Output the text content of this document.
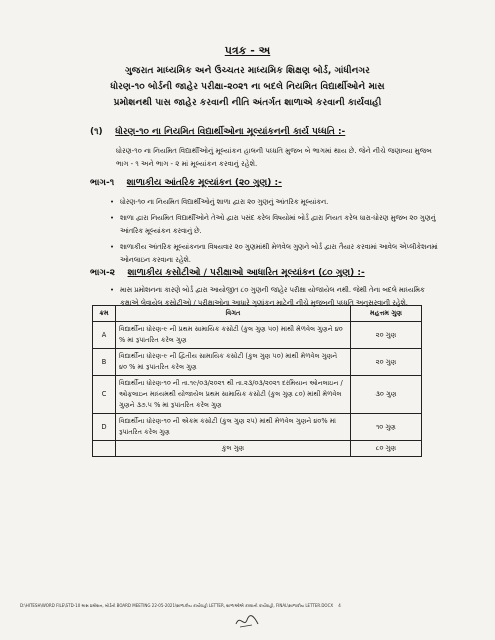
પત્રક - અ
ગુજરાત માધ્યમિક અને ઉચ્ચતર માધ્યમિક શિક્ષણ બોર્ડ, ગાંધીનગર
ધોરણ-૧૦ બોર્ડની જાહેર પરીક્ષા-૨૦૨૧ ના બદલે નિયમિત વિદ્યાર્થીઓને માસ
પ્રમોશનથી પાસ જાહેર કરવાની નીતિ અંતર્ગત શાળાએ કરવાની કાર્યવાહી
(૧) ધોરણ-૧૦ ના નિયમિત વિદ્યાર્થીઓના મૂલ્યાંકનની કાર્ય પધ્ધતિ :-
ધોરણ-૧૦ ના નિયમિત વિદ્યાર્થીઓનું મૂલ્યાંકન હાલની પધ્ધતિ મુજબ બે ભાગમાં થાય છે. જેને નીચે જણાવ્યા મુજબ ભાગ - ૧ અને ભાગ - ૨ માં મૂલ્યાંકન કરવાનું રહેશે.
ભાગ-૧ શાળાકીય આંતરિક મૂલ્યાંકન (૨૦ ગુણ) :-
• ધોરણ-૧૦ ના નિયમિત વિદ્યાર્થીઓનું શાળા દ્વારા ૨૦ ગુણનું આંતરિક મૂલ્યાંકન.
• શાળા દ્વારા નિયમિત વિદ્યાર્થીઓને તેઓ દ્વારા પસંદ કરેલ વિષયોમાં બોર્ડ દ્વારા નિયત કરેલ ધારા-ધોરણ મુજબ ૨૦ ગુણનું આંતરિક મૂલ્યાંકન કરવાનું છે.
• શાળાકીય આંતરિક મૂલ્યાંકનના વિષયવાર ૨૦ ગુણમાંથી મેળવેલ ગુણને બોર્ડ દ્વારા તૈયાર કરવામાં આવેલ એપ્લીકેશનમાં ઓનલાઇન કરવાના રહેશે.
ભાગ-૨ શાળાકીય કસોટીઓ / પરીક્ષાઓ આધારિત મૂલ્યાંકન (૮૦ ગુણ) :-
• માસ પ્રમોશનના કારણે બોર્ડ દ્વારા આયોજીત ૮૦ ગુણની જાહેર પરીક્ષા યોજાયેલ નથી. જેથી તેના બદલે માધ્યમિક કક્ષાએ લેવાયેલ કસોટીઓ / પરીક્ષાઓના આધારે ગુણાંકન માટેની નીચે મુજબની પધ્ધતિ અનુસરવાની રહેશે.
ક્રમ	વિગત	મહત્તમ ગુણ
A	વિદ્યાર્થીના ધોરણ-૯ ની પ્રથમ સામાયિક કસોટી (કુલ ગુણ ૫૦) માંથી મેળવેલ ગુણને ૪૦ % માં રૂપાંતરિત કરેલ ગુણ	૨૦ ગુણ
B	વિદ્યાર્થીના ધોરણ-૯ ની દ્વિતીય સામાયિક કસોટી (કુલ ગુણ ૫૦) માંથી મેળવેલ ગુણને ૪૦ % માં રૂપાંતરિત કરેલ ગુણ	૨૦ ગુણ
C	વિદ્યાર્થીના ધોરણ-૧૦ ની તા.૧૯/૦૩/૨૦૨૧ થી તા.૨૩/૦૩/૨૦૨૧ દરમિયાન ઓનલાઇન / ઓફલાઇન માધ્યમથી યોજાયેલ પ્રથમ સામાયિક કસોટી (કુલ ગુણ ૮૦) માંથી મેળવેલ ગુણને ૩૭.૫ % માં રૂપાંતરિત કરેલ ગુણ	૩૦ ગુણ
D	વિદ્યાર્થીના ધોરણ-૧૦ ની એકમ કસોટી (કુલ ગુણ ૨૫) માંથી મેળવેલ ગુણને ૪૦% માં રૂપાંતરિત કરેલ ગુણ	૧૦ ગુણ
	કુલ ગુણ	૮૦ ગુણ
D:\HITESH\WORD FILE\STD-10 માસ પ્રમોશન, બોર્ડની BOARD MEETING 22-05-2021\શાળાકીય કાર્યવાહી LETTER, શાળાઓએ કરવાની કાર્યવાહી, FINAL\શાળાકીય LETTER.DOCX 4
